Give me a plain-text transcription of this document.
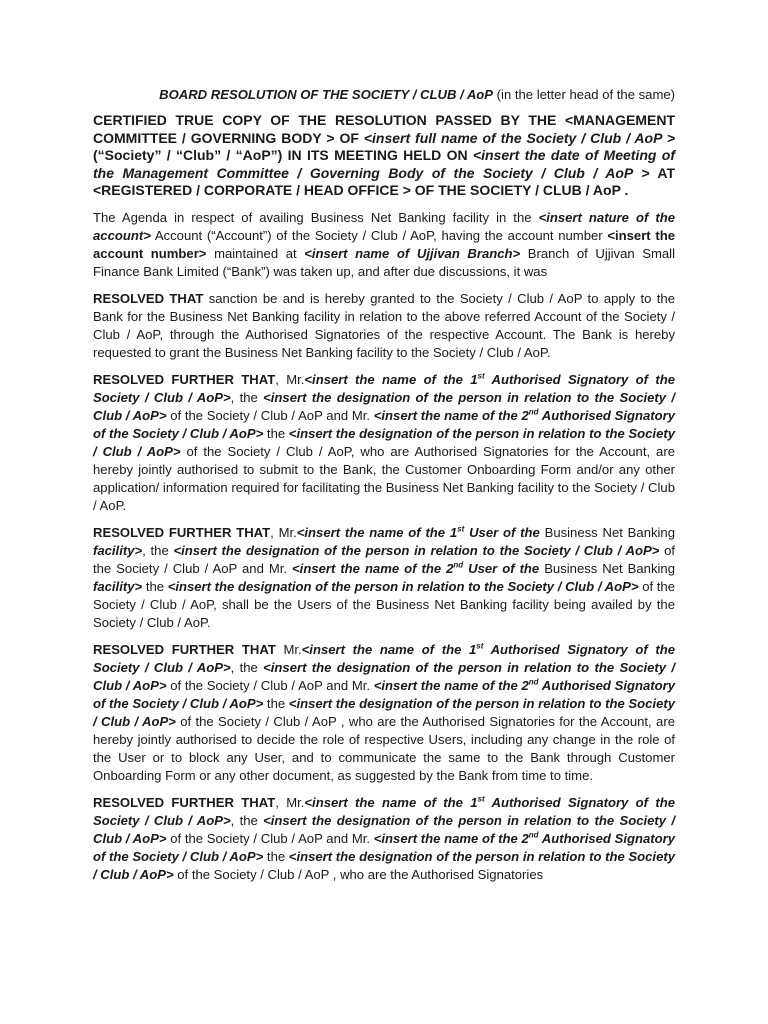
BOARD RESOLUTION OF THE SOCIETY / CLUB / AoP (in the letter head of the same)

CERTIFIED TRUE COPY OF THE RESOLUTION PASSED BY THE <MANAGEMENT COMMITTEE / GOVERNING BODY > OF <insert full name of the Society / Club / AoP > (“Society” / “Club” / “AoP”) IN ITS MEETING HELD ON <insert the date of Meeting of the Management Committee / Governing Body of the Society / Club / AoP > AT <REGISTERED / CORPORATE / HEAD OFFICE > OF THE SOCIETY / CLUB / AoP .

The Agenda in respect of availing Business Net Banking facility in the <insert nature of the account> Account (“Account”) of the Society / Club / AoP, having the account number <insert the account number> maintained at <insert name of Ujjivan Branch> Branch of Ujjivan Small Finance Bank Limited (“Bank”) was taken up, and after due discussions, it was

RESOLVED THAT sanction be and is hereby granted to the Society / Club / AoP to apply to the Bank for the Business Net Banking facility in relation to the above referred Account of the Society / Club / AoP, through the Authorised Signatories of the respective Account. The Bank is hereby requested to grant the Business Net Banking facility to the Society / Club / AoP.

RESOLVED FURTHER THAT, Mr.<insert the name of the 1st Authorised Signatory of the Society / Club / AoP>, the <insert the designation of the person in relation to the Society / Club / AoP> of the Society / Club / AoP and Mr. <insert the name of the 2nd Authorised Signatory of the Society / Club / AoP> the <insert the designation of the person in relation to the Society / Club / AoP> of the Society / Club / AoP, who are Authorised Signatories for the Account, are hereby jointly authorised to submit to the Bank, the Customer Onboarding Form and/or any other application/ information required for facilitating the Business Net Banking facility to the Society / Club / AoP.

RESOLVED FURTHER THAT, Mr.<insert the name of the 1st User of the Business Net Banking facility>, the <insert the designation of the person in relation to the Society / Club / AoP> of the Society / Club / AoP and Mr. <insert the name of the 2nd User of the Business Net Banking facility> the <insert the designation of the person in relation to the Society / Club / AoP> of the Society / Club / AoP, shall be the Users of the Business Net Banking facility being availed by the Society / Club / AoP.

RESOLVED FURTHER THAT Mr.<insert the name of the 1st Authorised Signatory of the Society / Club / AoP>, the <insert the designation of the person in relation to the Society / Club / AoP> of the Society / Club / AoP and Mr. <insert the name of the 2nd Authorised Signatory of the Society / Club / AoP> the <insert the designation of the person in relation to the Society / Club / AoP> of the Society / Club / AoP , who are the Authorised Signatories for the Account, are hereby jointly authorised to decide the role of respective Users, including any change in the role of the User or to block any User, and to communicate the same to the Bank through Customer Onboarding Form or any other document, as suggested by the Bank from time to time.

RESOLVED FURTHER THAT, Mr.<insert the name of the 1st Authorised Signatory of the Society / Club / AoP>, the <insert the designation of the person in relation to the Society / Club / AoP> of the Society / Club / AoP and Mr. <insert the name of the 2nd Authorised Signatory of the Society / Club / AoP> the <insert the designation of the person in relation to the Society / Club / AoP> of the Society / Club / AoP , who are the Authorised Signatories
